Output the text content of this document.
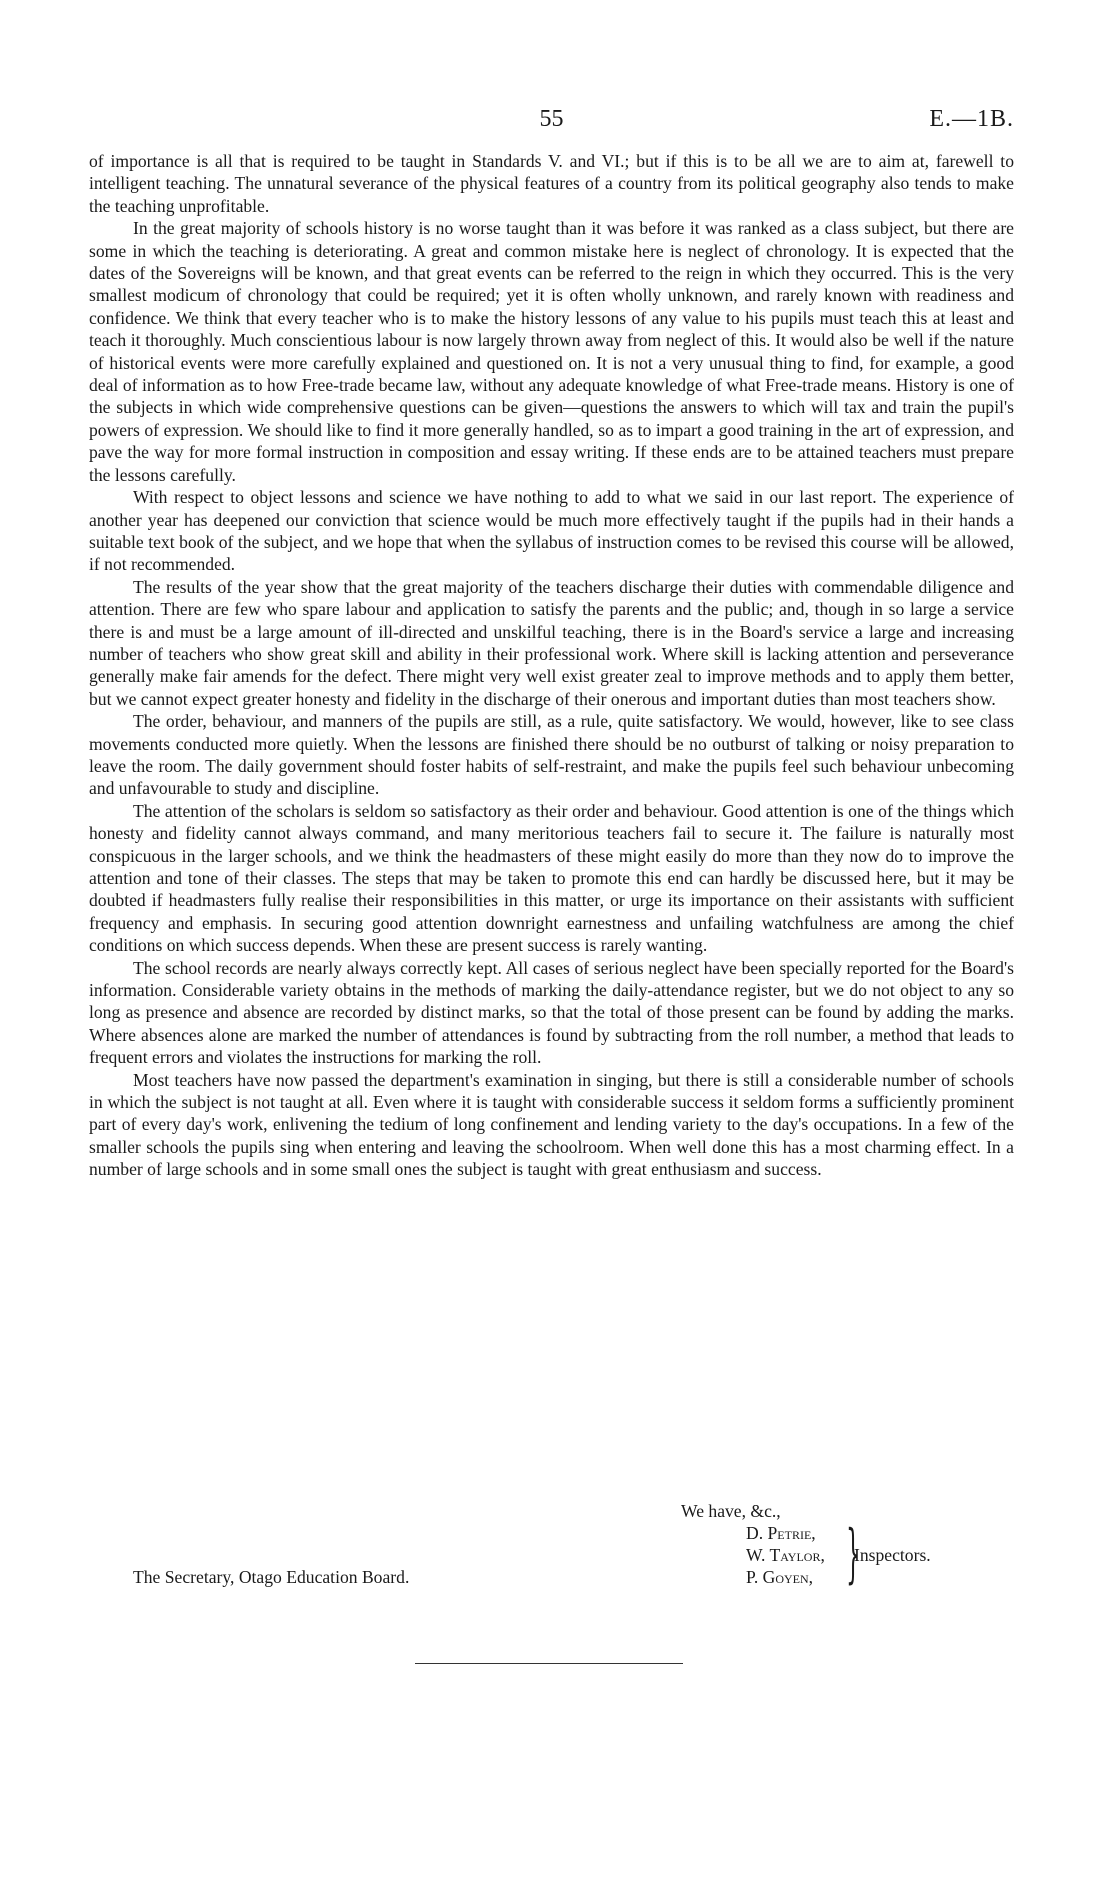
55	E.—1B.

of importance is all that is required to be taught in Standards V. and VI.; but if this is to be all we are to aim at, farewell to intelligent teaching. The unnatural severance of the physical features of a country from its political geography also tends to make the teaching unprofitable.

In the great majority of schools history is no worse taught than it was before it was ranked as a class subject, but there are some in which the teaching is deteriorating. A great and common mistake here is neglect of chronology. It is expected that the dates of the Sovereigns will be known, and that great events can be referred to the reign in which they occurred. This is the very smallest modicum of chronology that could be required; yet it is often wholly unknown, and rarely known with readiness and confidence. We think that every teacher who is to make the history lessons of any value to his pupils must teach this at least and teach it thoroughly. Much conscientious labour is now largely thrown away from neglect of this. It would also be well if the nature of historical events were more carefully explained and questioned on. It is not a very unusual thing to find, for example, a good deal of information as to how Free-trade became law, without any adequate knowledge of what Free-trade means. History is one of the subjects in which wide comprehensive questions can be given—questions the answers to which will tax and train the pupil's powers of expression. We should like to find it more generally handled, so as to impart a good training in the art of expression, and pave the way for more formal instruction in composition and essay writing. If these ends are to be attained teachers must prepare the lessons carefully.

With respect to object lessons and science we have nothing to add to what we said in our last report. The experience of another year has deepened our conviction that science would be much more effectively taught if the pupils had in their hands a suitable text book of the subject, and we hope that when the syllabus of instruction comes to be revised this course will be allowed, if not recommended.

The results of the year show that the great majority of the teachers discharge their duties with commendable diligence and attention. There are few who spare labour and application to satisfy the parents and the public; and, though in so large a service there is and must be a large amount of ill-directed and unskilful teaching, there is in the Board's service a large and increasing number of teachers who show great skill and ability in their professional work. Where skill is lacking attention and perseverance generally make fair amends for the defect. There might very well exist greater zeal to improve methods and to apply them better, but we cannot expect greater honesty and fidelity in the discharge of their onerous and important duties than most teachers show.

The order, behaviour, and manners of the pupils are still, as a rule, quite satisfactory. We would, however, like to see class movements conducted more quietly. When the lessons are finished there should be no outburst of talking or noisy preparation to leave the room. The daily government should foster habits of self-restraint, and make the pupils feel such behaviour unbecoming and unfavourable to study and discipline.

The attention of the scholars is seldom so satisfactory as their order and behaviour. Good attention is one of the things which honesty and fidelity cannot always command, and many meritorious teachers fail to secure it. The failure is naturally most conspicuous in the larger schools, and we think the headmasters of these might easily do more than they now do to improve the attention and tone of their classes. The steps that may be taken to promote this end can hardly be discussed here, but it may be doubted if headmasters fully realise their responsibilities in this matter, or urge its importance on their assistants with sufficient frequency and emphasis. In securing good attention downright earnestness and unfailing watchfulness are among the chief conditions on which success depends. When these are present success is rarely wanting.

The school records are nearly always correctly kept. All cases of serious neglect have been specially reported for the Board's information. Considerable variety obtains in the methods of marking the daily-attendance register, but we do not object to any so long as presence and absence are recorded by distinct marks, so that the total of those present can be found by adding the marks. Where absences alone are marked the number of attendances is found by subtracting from the roll number, a method that leads to frequent errors and violates the instructions for marking the roll.

Most teachers have now passed the department's examination in singing, but there is still a considerable number of schools in which the subject is not taught at all. Even where it is taught with considerable success it seldom forms a sufficiently prominent part of every day's work, enlivening the tedium of long confinement and lending variety to the day's occupations. In a few of the smaller schools the pupils sing when entering and leaving the schoolroom. When well done this has a most charming effect. In a number of large schools and in some small ones the subject is taught with great enthusiasm and success.

We have, &c.,
D. Petrie,
W. Taylor,
P. Goyen, }
Inspectors.
The Secretary, Otago Education Board.
